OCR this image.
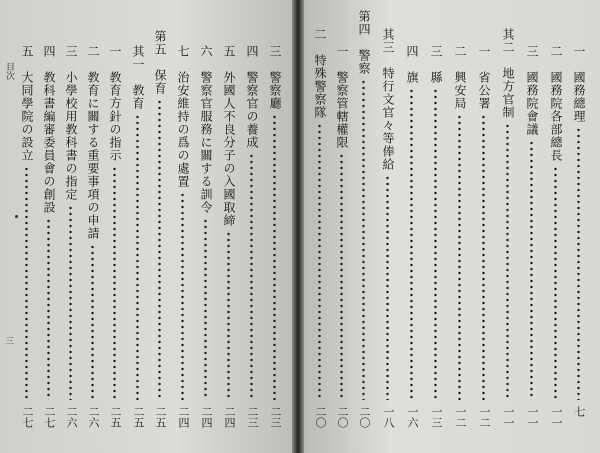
目次
三
一　國務總理
七
二　國務院各部總長
一一
三　國務院會議
一一
其二　地方官制
一一
一　省公署
一二
二　興安局
一二
三　縣
一三
四　旗
一六
其三　特行文官々等俸給
一八
第四　警察
二〇
一　警察管轄權限
二〇
二　特殊警察隊
二〇
三　警察廳
二三
四　警察官の養成
二三
五　外國人不良分子の入國取締
二四
六　警察官服務に關する訓令
二四
七　治安維持の爲の處置
二四
第五　保育
二五
其一　教育
二五
一　教育方針の指示
二五
二　教育に關する重要事項の申請
二六
三　小學校用教科書の指定
二六
四　教科書編審委員會の創設
二七
五　大同學院の設立
二七
